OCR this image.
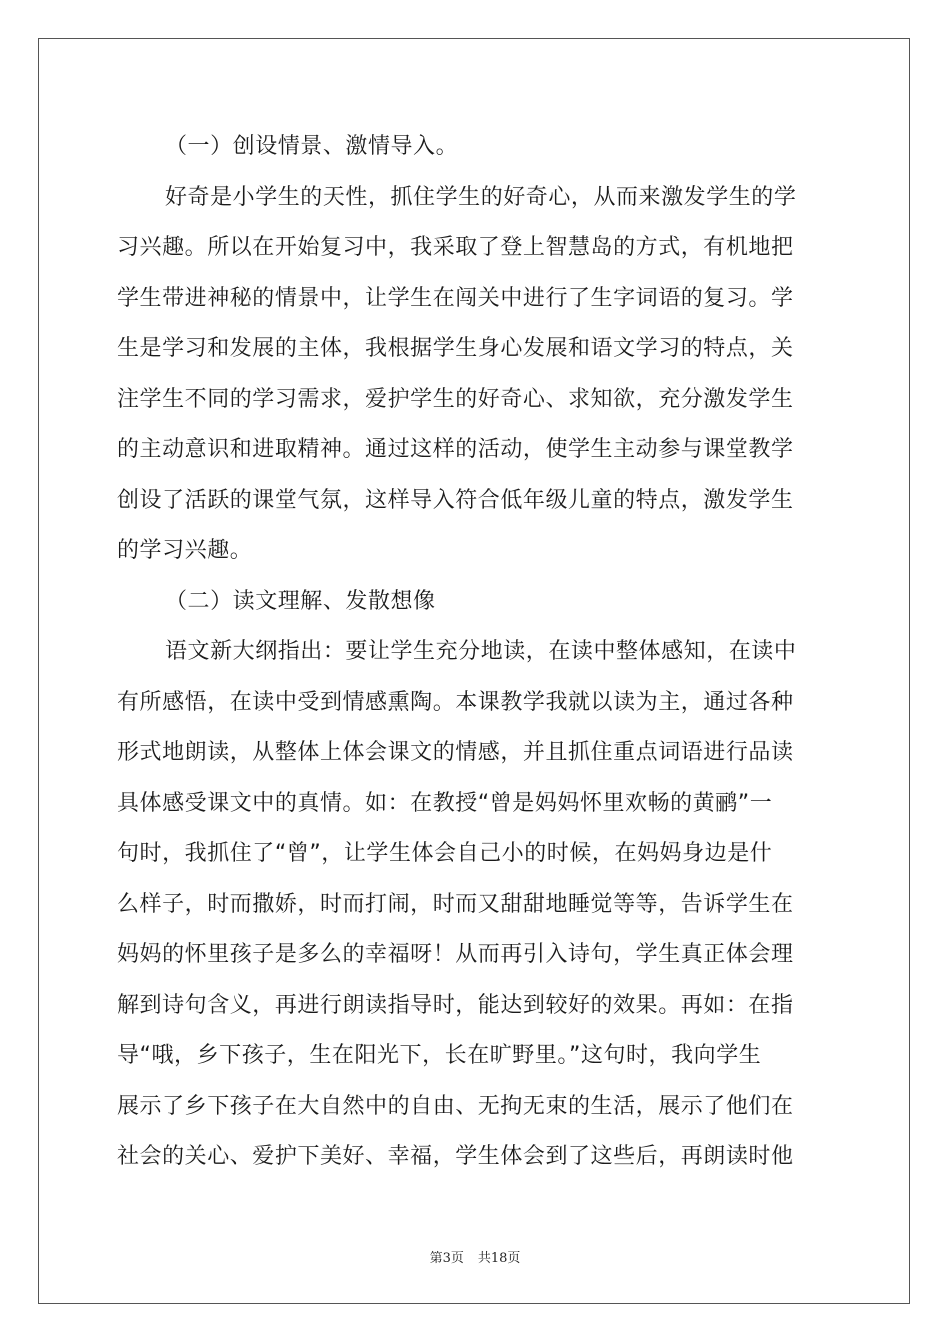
（一）创设情景、激情导入。
好奇是小学生的天性，抓住学生的好奇心，从而来激发学生的学
习兴趣。所以在开始复习中，我采取了登上智慧岛的方式，有机地把
学生带进神秘的情景中，让学生在闯关中进行了生字词语的复习。学
生是学习和发展的主体，我根据学生身心发展和语文学习的特点，关
注学生不同的学习需求，爱护学生的好奇心、求知欲，充分激发学生
的主动意识和进取精神。通过这样的活动，使学生主动参与课堂教学
创设了活跃的课堂气氛，这样导入符合低年级儿童的特点，激发学生
的学习兴趣。
（二）读文理解、发散想像
语文新大纲指出：要让学生充分地读，在读中整体感知，在读中
有所感悟，在读中受到情感熏陶。本课教学我就以读为主，通过各种
形式地朗读，从整体上体会课文的情感，并且抓住重点词语进行品读
具体感受课文中的真情。如：在教授“曾是妈妈怀里欢畅的黄鹂”一
句时，我抓住了“曾”，让学生体会自己小的时候，在妈妈身边是什
么样子，时而撒娇，时而打闹，时而又甜甜地睡觉等等，告诉学生在
妈妈的怀里孩子是多么的幸福呀！从而再引入诗句，学生真正体会理
解到诗句含义，再进行朗读指导时，能达到较好的效果。再如：在指
导“哦，乡下孩子，生在阳光下，长在旷野里。”这句时，我向学生
展示了乡下孩子在大自然中的自由、无拘无束的生活，展示了他们在
社会的关心、爱护下美好、幸福，学生体会到了这些后，再朗读时他
第3页 共18页
